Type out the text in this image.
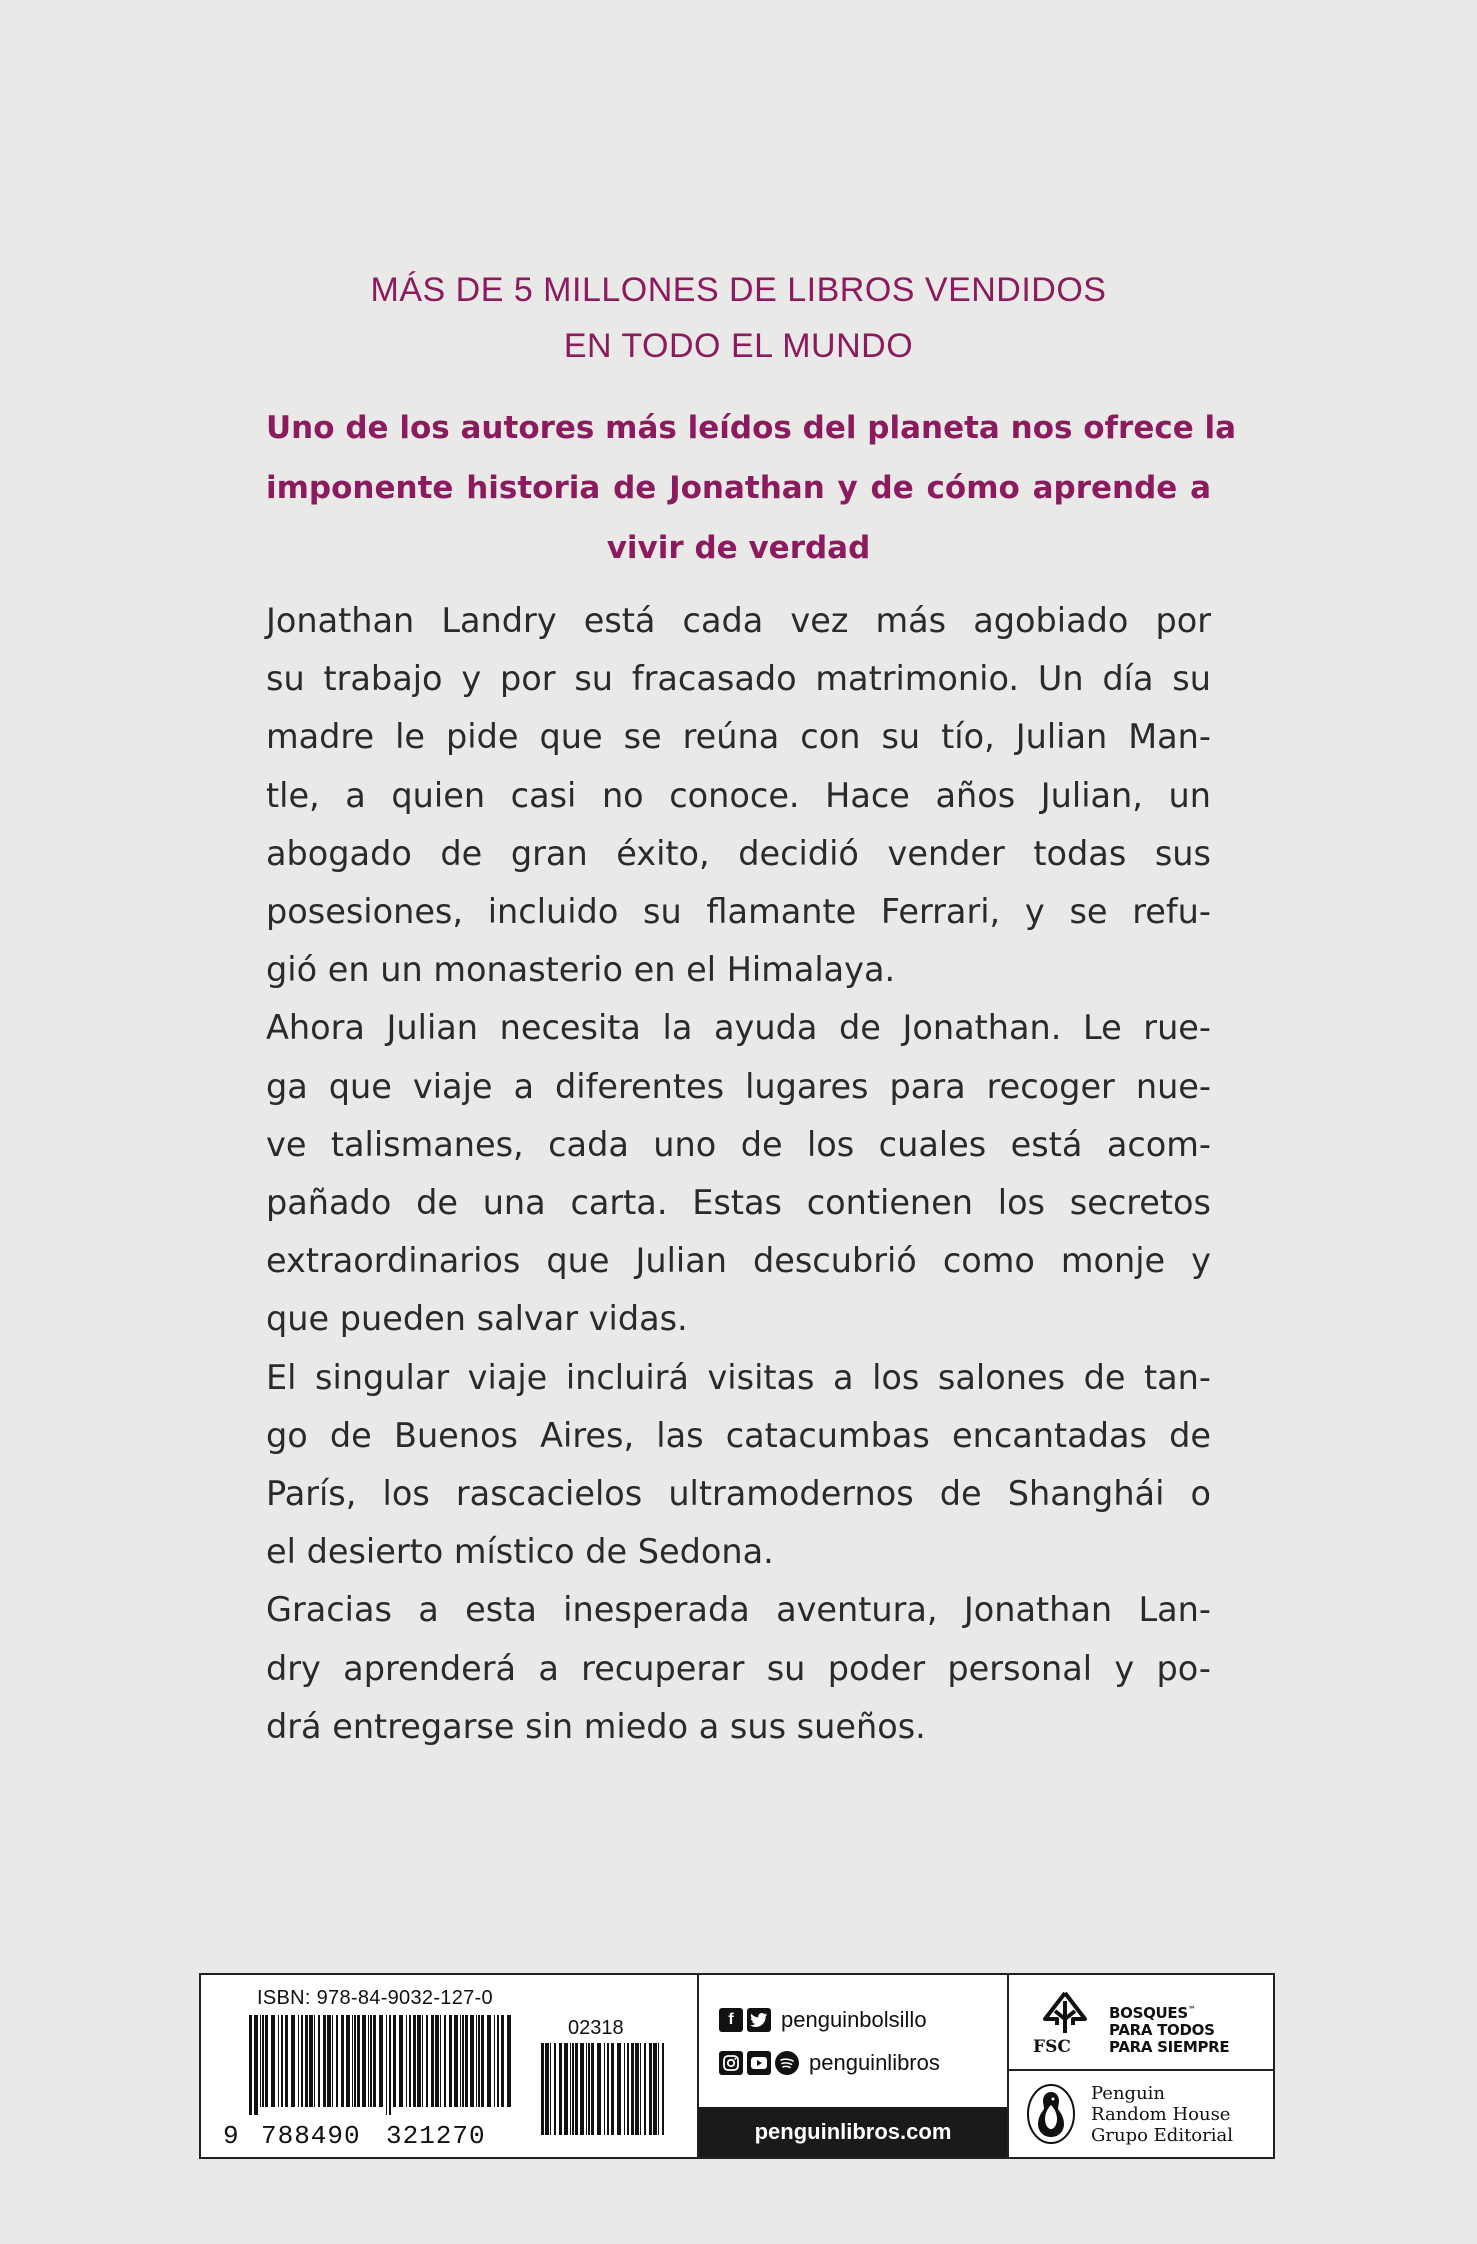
MÁS DE 5 MILLONES DE LIBROS VENDIDOS
EN TODO EL MUNDO
Uno de los autores más leídos del planeta nos ofrece la
imponente historia de Jonathan y de cómo aprende a
vivir de verdad
Jonathan Landry está cada vez más agobiado por
su trabajo y por su fracasado matrimonio. Un día su
madre le pide que se reúna con su tío, Julian Man-
tle, a quien casi no conoce. Hace años Julian, un
abogado de gran éxito, decidió vender todas sus
posesiones, incluido su flamante Ferrari, y se refu-
gió en un monasterio en el Himalaya.
Ahora Julian necesita la ayuda de Jonathan. Le rue-
ga que viaje a diferentes lugares para recoger nue-
ve talismanes, cada uno de los cuales está acom-
pañado de una carta. Estas contienen los secretos
extraordinarios que Julian descubrió como monje y
que pueden salvar vidas.
El singular viaje incluirá visitas a los salones de tan-
go de Buenos Aires, las catacumbas encantadas de
París, los rascacielos ultramodernos de Shanghái o
el desierto místico de Sedona.
Gracias a esta inesperada aventura, Jonathan Lan-
dry aprenderá a recuperar su poder personal y po-
drá entregarse sin miedo a sus sueños.
ISBN: 978-84-9032-127-0
02318
9 788490 321270
f	penguinbolsillo
penguinlibros
penguinlibros.com
FSC
BOSQUES™
PARA TODOS
PARA SIEMPRE
Penguin
Random House
Grupo Editorial
